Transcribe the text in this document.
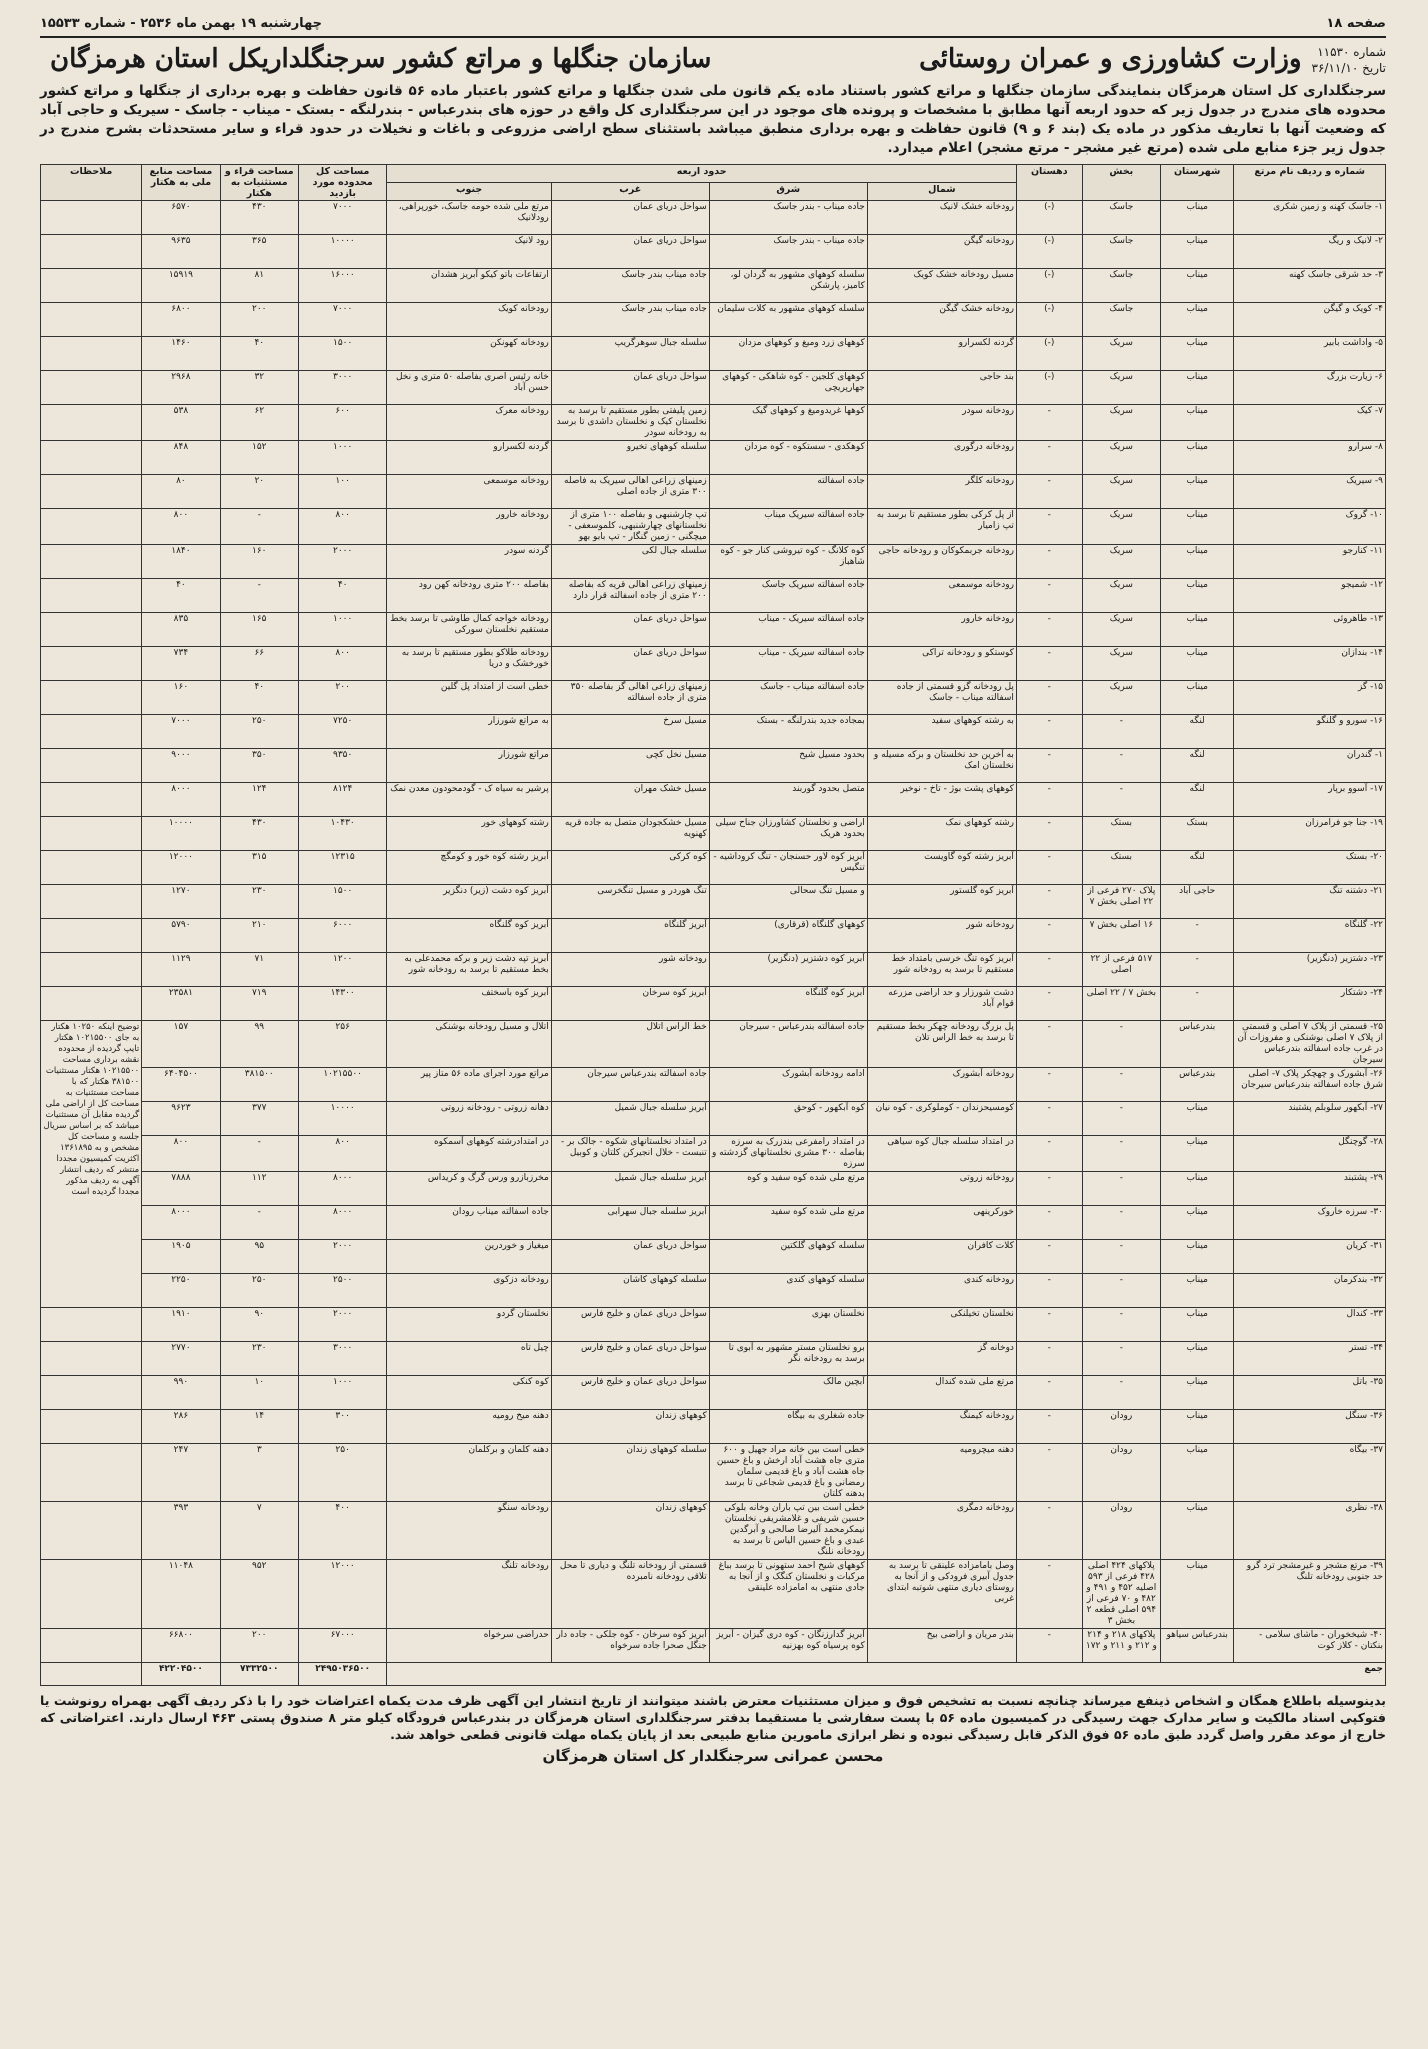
صفحه ۱۸
چهارشنبه ۱۹ بهمن ماه ۲۵۳۶ - شماره ۱۵۵۳۳
شماره ۱۱۵۳۰
تاریخ ۳۶/۱۱/۱۰
وزارت کشاورزی و عمران روستائی
سازمان جنگلها و مراتع کشور سرجنگلداریکل استان هرمزگان
سرجنگلداری کل استان هرمزگان بنمایندگی سازمان جنگلها و مراتع کشور باستناد ماده یکم قانون ملی شدن جنگلها و مراتع کشور باعتبار ماده ۵۶ قانون حفاظت و بهره برداری از جنگلها و مراتع کشور محدوده های مندرج در جدول زیر که حدود اربعه آنها مطابق با مشخصات و پرونده های موجود در این سرجنگلداری کل واقع در حوزه های بندرعباس - بندرلنگه - بستک - میناب - جاسک - سیریک و حاجی آباد که وضعیت آنها با تعاریف مذکور در ماده یک (بند ۶ و ۹) قانون حفاظت و بهره برداری منطبق میباشد باستثنای سطح اراضی مزروعی و باغات و نخیلات در حدود قراء و سایر مستحدثات بشرح مندرج در جدول زیر جزء منابع ملی شده (مرتع غیر مشجر - مرتع مشجر) اعلام میدارد.
شماره و ردیف نام مرتع	شهرستان	بخش	دهستان	حدود اربعه				مساحت کل محدوده مورد بازدید	مساحت قراء و مستثنیات به هکتار	مساحت منابع ملی به هکتار	ملاحظات
				شمال	شرق	غرب	جنوب				
۱- جاسک کهنه و زمین شکری	میناب	جاسک	(-)	رودخانه خشک لانیک	جاده میناب - بندر جاسک	سواحل دریای عمان	مرتع ملی شده حومه جاسک، خورپراهی، رودلانیک	۷۰۰۰	۴۳۰	۶۵۷۰	
۲- لانیک و ریگ	میناب	جاسک	(-)	رودخانه گیگن	جاده میناب - بندر جاسک	سواحل دریای عمان	رود لانیک	۱۰۰۰۰	۳۶۵	۹۶۳۵	
۳- حد شرقی جاسک کهنه	میناب	جاسک	(-)	مسیل رودخانه خشک کویک	سلسله کوههای مشهور به گردان لو، کامیز، پارشکن	جاده میناب بندر جاسک	ارتفاعات باتو کیکو آبریز هشدان	۱۶۰۰۰	۸۱	۱۵۹۱۹	
۴- کویک و گیگن	میناب	جاسک	(-)	رودخانه خشک گیگن	سلسله کوههای مشهور به کلات سلیمان	جاده میناب بندر جاسک	رودخانه کویک	۷۰۰۰	۲۰۰	۶۸۰۰	
۵- واداشت بابیر	میناب	سریک	(-)	گردنه لکسرارو	کوههای زرد ومیغ و کوههای مزدان	سلسله جبال سوهرگریپ	رودخانه کهونکن	۱۵۰۰	۴۰	۱۴۶۰	
۶- زیارت بزرگ	میناب	سریک	(-)	بند حاجی	کوههای کلجین - کوه شاهکی - کوههای جهارپریچی	سواحل دریای عمان	خانه رئیس اصری بفاصله ۵۰ متری و نخل حسن آباد	۳۰۰۰	۳۲	۲۹۶۸	
۷- کیک	میناب	سریک	-	رودخانه سودر	کوهها غریدومیغ و کوههای گیک	زمین پلیفتی بطور مستقیم تا برسد به نخلستان کیک و نخلستان داشدی تا برسد به رودخانه سودر	رودخانه معرک	۶۰۰	۶۲	۵۳۸	
۸- سرارو	میناب	سریک	-	رودخانه درگوری	کوهکدی - سستکوه - کوه مزدان	سلسله کوههای تخیرو	گردنه لکسرارو	۱۰۰۰	۱۵۲	۸۴۸	
۹- سیریک	میناب	سریک	-	رودخانه کلگر	جاده اسفالته	زمینهای زراعی اهالی سیریک به فاصله ۳۰۰ متری از جاده اصلی	رودخانه موسمعی	۱۰۰	۲۰	۸۰	
۱۰- گروک	میناب	سریک	-	از پل کرکی بطور مستقیم تا برسد به تپ زامیار	جاده اسفالته سیریک میناب	تپ چارشنبهی و بفاصله ۱۰۰ متری از نخلستانهای چهارشنبهی، کلموسعفی - میچگنی - زمین گنگار - تپ بابو بهو	رودخانه خارور	۸۰۰	-	۸۰۰	
۱۱- کنارجو	میناب	سریک	-	رودخانه جربمکوکان و رودخانه حاجی	کوه کلانگ - کوه تیروشی کنار جو - کوه شاهباز	سلسله جبال لکی	گردنه سودر	۲۰۰۰	۱۶۰	۱۸۴۰	
۱۲- شمیجو	میناب	سریک	-	رودخانه موسمعی	جاده اسفالته سیریک جاسک	زمینهای زراعی اهالی قریه که بفاصله ۲۰۰ متری از جاده اسفالته قرار دارد	بفاصله ۲۰۰ متری رودخانه کهن رود	۴۰	-	۴۰	
۱۳- طاهروئی	میناب	سریک	-	رودخانه خارور	جاده اسفالته سیریک - میناب	سواحل دریای عمان	رودخانه خواجه کمال طاوشی تا برسد بخط مستقیم نخلستان سورکی	۱۰۰۰	۱۶۵	۸۳۵	
۱۴- بندازان	میناب	سریک	-	کوستکو و رودخانه تراکی	جاده اسفالته سیریک - میناب	سواحل دریای عمان	رودخانه طلاکو بطور مستقیم تا برسد به خورخشک و دریا	۸۰۰	۶۶	۷۳۴	
۱۵- گز	میناب	سریک	-	پل رودخانه گزو قسمتی از جاده اسفالته میناب - جاسک	جاده اسفالته میناب - جاسک	زمینهای زراعی اهالی گز بفاصله ۳۵۰ متری از جاده اسفالته	خطی است از امتداد پل گلین	۲۰۰	۴۰	۱۶۰	
۱۶- سورو و گلنگو	لنگه	-	-	به رشته کوههای سفید	بمجاده جدید بندرلنگه - بستک	مسیل سرخ	به مراتع شورزار	۷۲۵۰	۲۵۰	۷۰۰۰	
۱- گندران	لنگه	-	-	به آخرین حد نخلستان و برکه مسیله و نخلستان امک	بحدود مسیل شیخ	مسیل نخل کچی	مراتع شورزار	۹۳۵۰	۳۵۰	۹۰۰۰	
۱۷- آسوو برپار	لنگه	-	-	کوههای پشت بوژ - تاخ - نوخیر	متصل بحدود گوربند	مسیل خشک مهران	پرشیر به سیاه ک - گودمحودون معدن نمک	۸۱۲۴	۱۲۴	۸۰۰۰	
۱۹- جنا جو فرامرزان	بستک	بستک	-	رشته کوههای نمک	اراضی و نخلستان کشاورزان جناح سیلی بحدود هریک	مسیل خشکجودان متصل به جاده قریه کهنویه	رشته کوههای خور	۱۰۴۳۰	۴۳۰	۱۰۰۰۰	
۲۰- بستک	لنگه	بستک	-	آبریز رشته کوه گاویست	آبریز کوه لاور حسنجان - تنگ کروداشیه - تنگیس	کوه کرکی	آبریز رشته کوه خور و کومگچ	۱۲۳۱۵	۳۱۵	۱۲۰۰۰	
۲۱- دشتنه تنگ	حاجی آباد	پلاک ۲۷۰ فرعی از ۲۲ اصلی بخش ۷	-	آبریز کوه گلستور	و مسیل تنگ سحالی	تنگ هوردر و مسیل تنگخرسی	آبریز کوه دشت (زیر) دنگزیر	۱۵۰۰	۲۳۰	۱۲۷۰	
۲۲- گلنگاه	-	۱۶ اصلی بخش ۷	-	رودخانه شور	کوههای گلنگاه (قرقاری)	آبریز گلنگاه	آبریز کوه گلنگاه	۶۰۰۰	۲۱۰	۵۷۹۰	
۲۳- دشتزیر (دنگزیر)	-	۵۱۷ فرعی از ۲۲ اصلی	-	آبریز کوه تنگ خرسی بامتداد خط مستقیم تا برسد به رودخانه شور	آبریز کوه دشتزیر (دنگزیر)	رودخانه شور	آبریز تپه دشت زیر و برکه محمدعلی به بخط مستقیم تا برسد به رودخانه شور	۱۲۰۰	۷۱	۱۱۲۹	
۲۴- دشتکار	-	بخش ۷ / ۲۲ اصلی	-	دشت شورزار و حد اراضی مزرعه قوام آباد	آبریز کوه گلنگاه	آبریز کوه سرخان	آبریز کوه باسختف	۱۴۳۰۰	۷۱۹	۲۳۵۸۱	
۲۵- قسمتی از پلاک ۷ اصلی و قسمتی از پلاک ۷ اصلی بوشنکی و مفروزات آن در غرب جاده اسفالته بندرعباس سیرجان	بندرعباس	-	-	پل بزرگ رودخانه چهکر بخط مستقیم تا برسد به خط الراس تلان	جاده اسفالته بندرعباس - سیرجان	خط الراس اتلال	اتلال و مسیل رودخانه بوشنکی	۲۵۶	۹۹	۱۵۷	توضیح اینکه ۱۰۲۵۰ هکتار به جای ۱۰۲۱۵۵۰۰ هکتار تایپ گردیده از محدوده نقشه برداری مساحت ۱۰۲۱۵۵۰۰ هکتار مستثنیات ۳۸۱۵۰۰ هکتار که با مساحت مستثنیات به مساحت کل از اراضی ملی گردیده مقابل آن مستثنیات میباشد که بر اساس سریال جلسه و مساحت کل مشخص و به ۱۳۶۱۸۹۵ اکثریت کمیسیون مجددا منتشر که ردیف انتشار آگهی به ردیف مذکور مجددا گردیده است
۲۶- آبشورک و چهچکر پلاک ۷- اصلی شرق جاده اسفالته بندرعباس سیرجان	بندرعباس	-	-	رودخانه آبشورک	ادامه رودخانه آبشورک	جاده اسفالته بندرعباس سیرجان	مراتع مورد اجرای ماده ۵۶ متاز پیر	۱۰۲۱۵۵۰۰	۳۸۱۵۰۰	۶۴۰۴۵۰۰	
۲۷- آبکهور سلوبلم پشتبند	میناب	-	-	کومسیحزندان - کوملوکری - کوه نیان	کوه آبکهور - کوحق	آبریز سلسله جبال شمیل	دهانه زروتی - رودخانه زروتی	۱۰۰۰۰	۳۷۷	۹۶۲۳	
۲۸- گوچنگل	میناب	-	-	در امتداد سلسله جبال کوه سیاهی	در امتداد رامفرعی بندزرک به سرزه بفاصله ۳۰۰ مشری نخلستانهای گزدشته و سرزه	در امتداد نخلستانهای شکوه - جالک بر - تنبست - خلال انجیرکن کلتان و کوبیل	در امتدادرشته کوههای آسمکوه	۸۰۰	-	۸۰۰	
۲۹- پشتبند	میناب	-	-	رودخانه زروتی	مرتع ملی شده کوه سفید و کوه	آبریز سلسله جبال شمیل	مخرزبازرو ورس گرگ و کریداس	۸۰۰۰	۱۱۲	۷۸۸۸	
۳۰- سرزه خاروک	میناب	-	-	خورکرینهی	مرتع ملی شده کوه سفید	آبریز سلسله جبال سهرابی	جاده اسفالته میناب رودان	۸۰۰۰	-	۸۰۰۰	
۳۱- کریان	میناب	-	-	کلات کافران	سلسله کوههای گلکتین	سواحل دریای عمان	میغیاز و خوردرین	۲۰۰۰	۹۵	۱۹۰۵	
۳۲- بندکرمان	میناب	-	-	رودخانه کندی	سلسله کوههای کندی	سلسله کوههای کاشان	رودخانه دزکوی	۲۵۰۰	۲۵۰	۲۲۵۰	
۳۳- کندال	میناب	-	-	نخلستان تخیلنکی	نخلستان بهزی	سواحل دریای عمان و خلیج فارس	نخلستان گردو	۲۰۰۰	۹۰	۱۹۱۰	
۳۴- تستر	میناب	-	-	دوخانه گز	برو نخلستان مستر مشهور به آبوی تا برسد به رودخانه نگر	سواحل دریای عمان و خلیج فارس	چیل تاه	۳۰۰۰	۲۳۰	۲۷۷۰	
۳۵- باتل	میناب	-	-	مرتع ملی شده کندال	آبچین مالک	سواحل دریای عمان و خلیج فارس	کوه کنکی	۱۰۰۰	۱۰	۹۹۰	
۳۶- سنگل	میناب	رودان	-	رودخانه کیمنگ	جاده شغلری به بیگاه	کوههای زندان	دهنه میخ رومیه	۳۰۰	۱۴	۲۸۶	
۳۷- بیگاه	میناب	رودان	-	دهنه میچرومیه	خطی است بین خانه مراد جهیل و ۶۰۰ متری جاه هشت آباد ارخش و باغ حسین جاه هشت آباد و باغ قدیمی سلمان رمضانی و باغ قدیمی شجاعی تا برسد بدهنه کلتان	سلسله کوههای زندان	دهنه کلمان و برکلمان	۲۵۰	۳	۲۴۷	
۳۸- نظری	میناب	رودان	-	رودخانه دمگری	خطی است بین تپ باران وخانه بلوکی حسین شریفی و غلامشریفی نخلستان نیمکرمحمد آلیرضا صالحی و آبرگدین عبدی و باغ حسین الیاس تا برسد به رودخانه نلنگ	کوههای زندان	رودخانه سنگو	۴۰۰	۷	۳۹۳	
۳۹- مرتع مشجر و غیرمشجر ترد گرو حد جنوبی رودخانه تلنگ	میناب	پلاکهای ۴۲۴ اصلی ۴۲۸ فرعی از ۵۹۳ اصلیه ۴۵۲ و ۴۹۱ و ۴۸۲ و ۷۰ فرعی از ۵۹۴ اصلی قطعه ۲ بخش ۳	-	وصل بامامزاده علینقی تا برسد به جدول آبیری فرودکی و از آنجا به روستای دیاری منتهی شوتبه ابتدای غربی	کوههای شیخ احمد ستهونی تا برسد بباغ مرکبات و نخلستان کنگک و از آنجا به جادی منتهی به امامزاده علینقی	قسمتی از رودخانه تلنگ و دیاری تا محل تلاقی رودخانه نامبرده	رودخانه تلنگ	۱۲۰۰۰	۹۵۲	۱۱۰۴۸	
۴۰- شیخخوران - ماشای سلامی - بنکتان - کلاز کوت	بندرعباس سیاهو	پلاکهای ۲۱۸ و ۲۱۴ و ۲۱۲ و ۲۱۱ و ۱۷۲	-	بندر مریان و اراضی بیخ	آبریز گدارزنگان - کوه دری گیزان - آبریز کوه پرسیاه کوه بهزنیه	آبریز کوه سرخان - کوه جلکی - جاده دار جنگل صحرا جاده سرخواه	حدراضی سرخواه	۶۷۰۰۰	۲۰۰	۶۶۸۰۰	
جمع								۲۴۹۵۰۳۶۵۰۰	۷۳۳۲۵۰۰	۴۲۲۰۴۵۰۰	
بدینوسیله باطلاع همگان و اشخاص ذینفع میرساند چنانچه نسبت به تشخیص فوق و میزان مستثنیات معترض باشند میتوانند از تاریخ انتشار این آگهی ظرف مدت یکماه اعتراضات خود را با ذکر ردیف آگهی بهمراه رونوشت یا فتوکپی اسناد مالکیت و سایر مدارک جهت رسیدگی در کمیسیون ماده ۵۶ با پست سفارشی یا مستقیما بدفتر سرجنگلداری استان هرمزگان در بندرعباس فرودگاه کیلو متر ۸ صندوق پستی ۴۶۳ ارسال دارند. اعتراضاتی که خارج از موعد مقرر واصل گردد طبق ماده ۵۶ فوق الذکر قابل رسیدگی نبوده و نظر ابرازی مامورین منابع طبیعی بعد از پایان یکماه مهلت قانونی قطعی خواهد شد.
محسن عمرانی سرجنگلدار کل استان هرمزگان
